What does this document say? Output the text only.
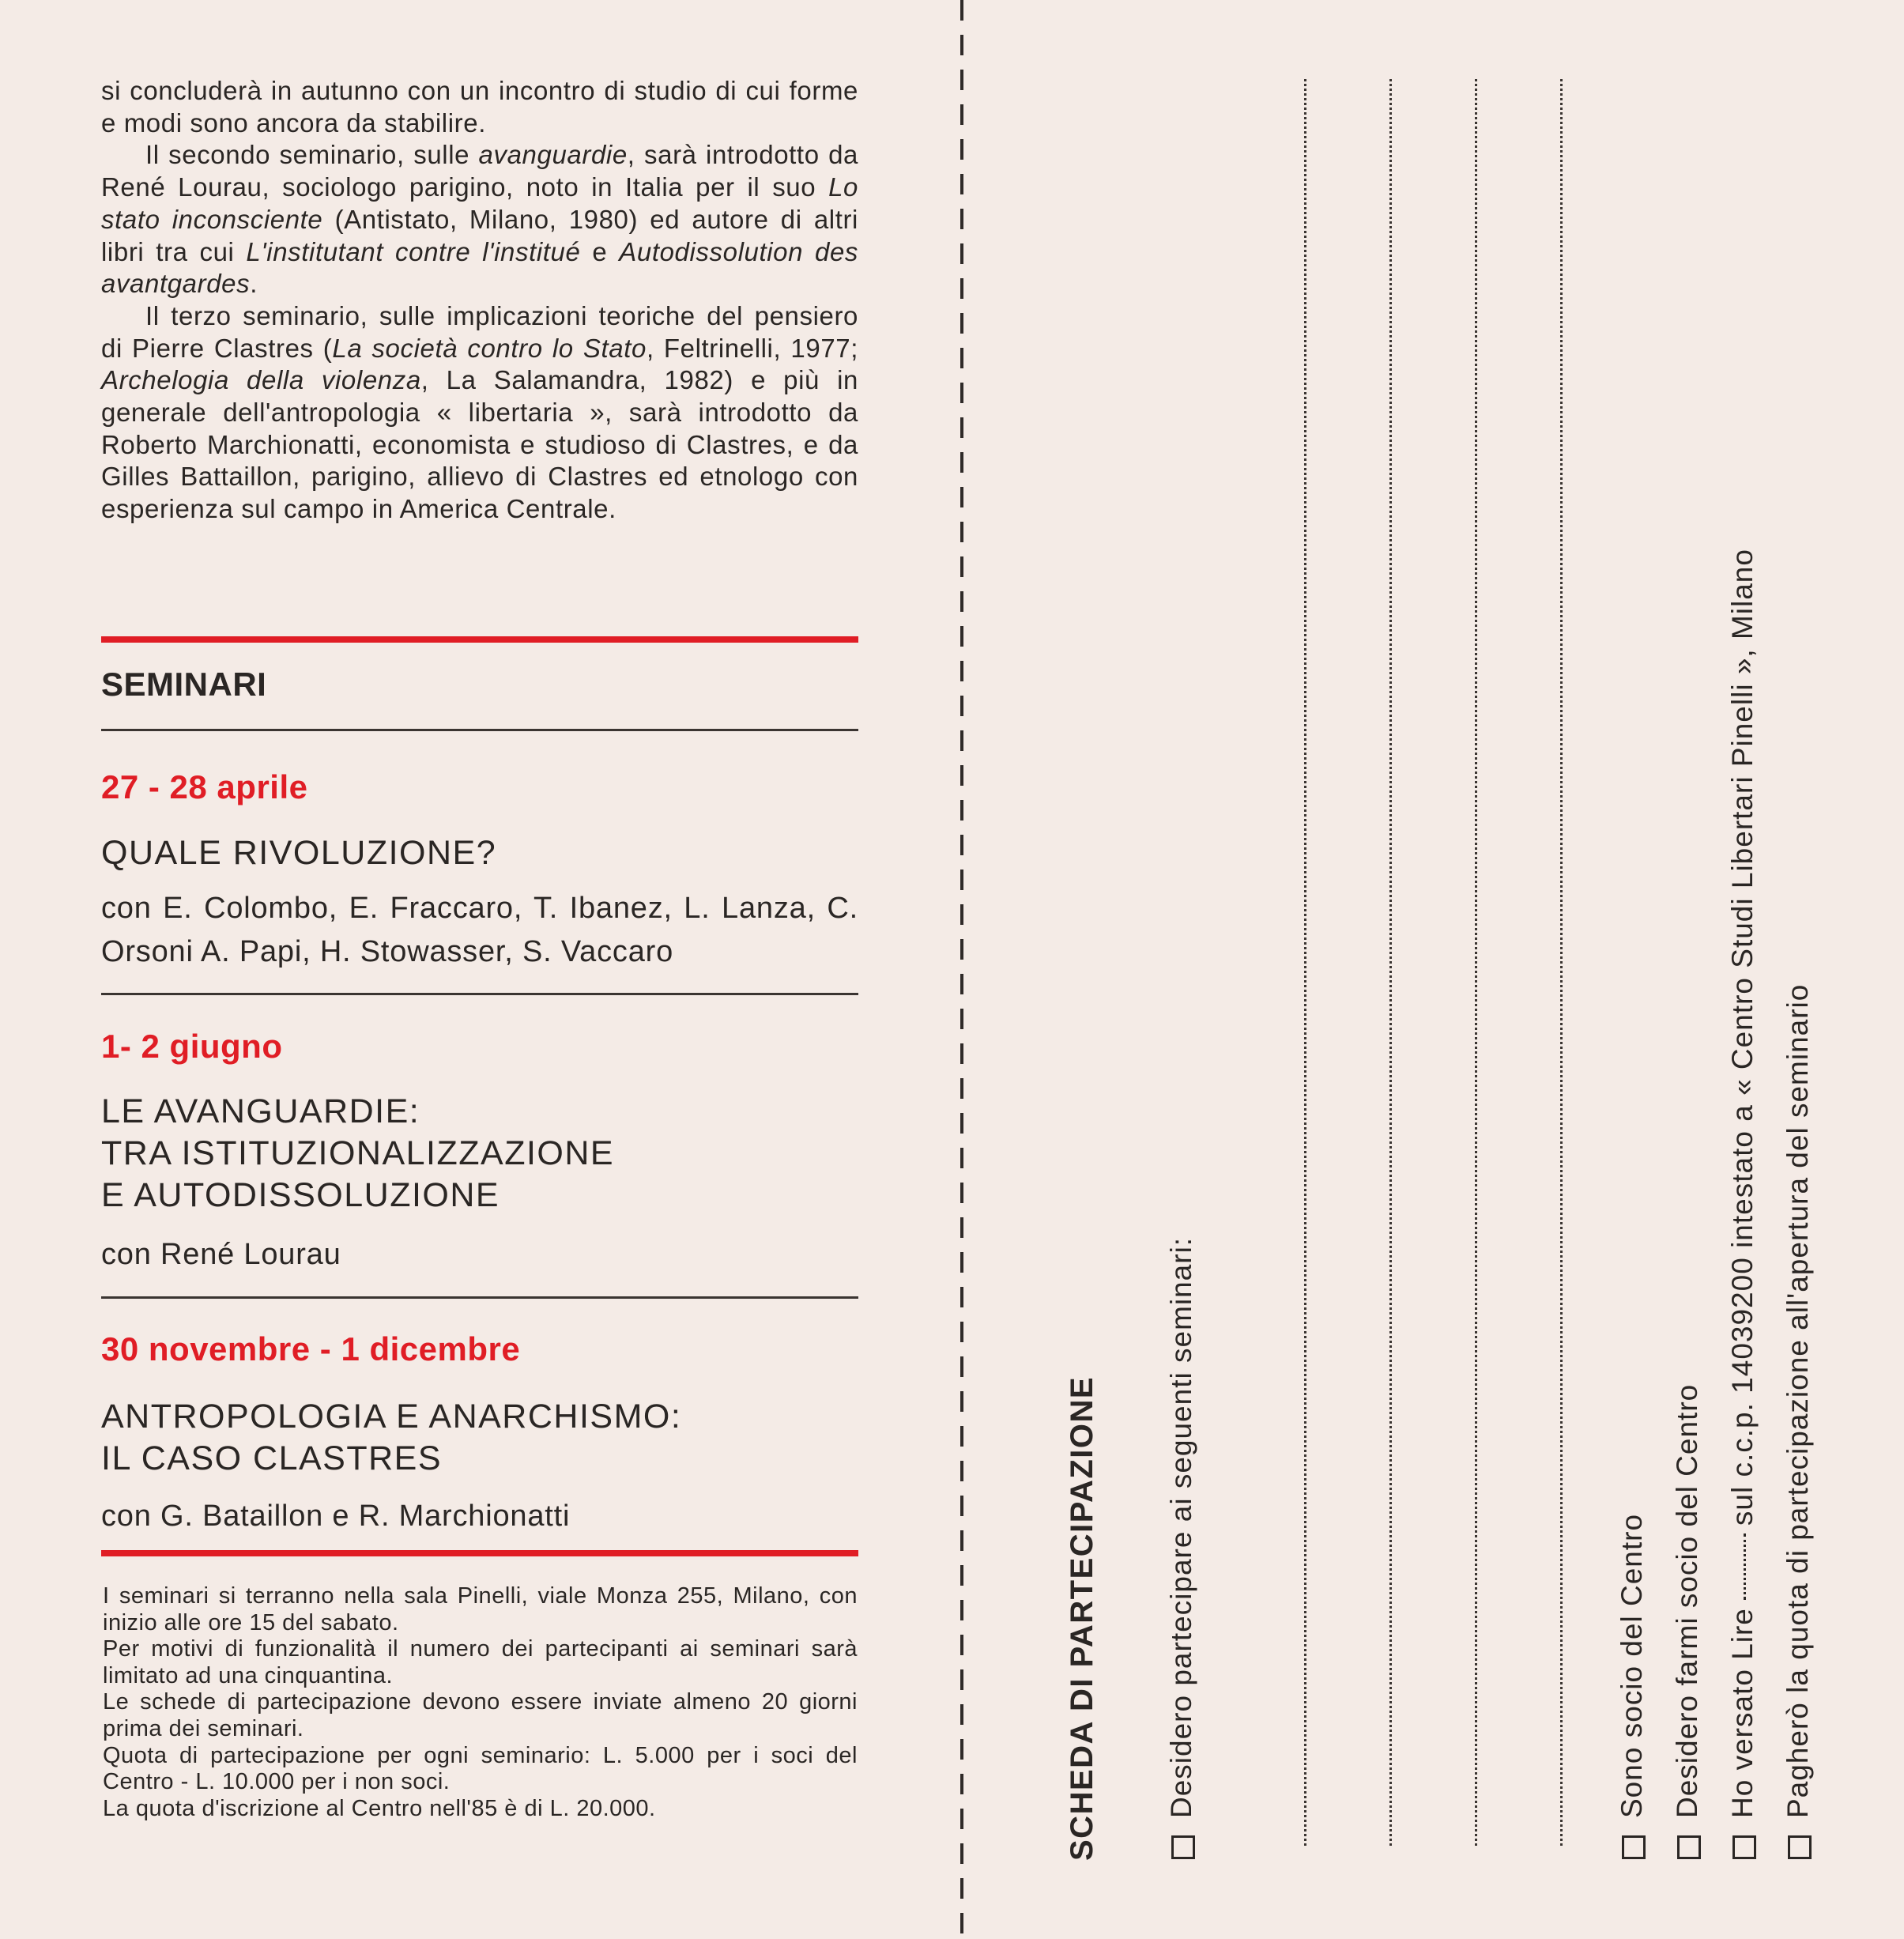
si concluderà in autunno con un incontro di studio di cui forme e modi sono ancora da stabilire.

Il secondo seminario, sulle avanguardie, sarà introdotto da René Lourau, sociologo parigino, noto in Italia per il suo Lo stato inconsciente (Antistato, Milano, 1980) ed autore di altri libri tra cui L'institutant contre l'institué e Autodissolution des avantgardes.

Il terzo seminario, sulle implicazioni teoriche del pensiero di Pierre Clastres (La società contro lo Stato, Feltrinelli, 1977; Archelogia della violenza, La Salamandra, 1982) e più in generale dell'antropologia « libertaria », sarà introdotto da Roberto Marchionatti, economista e studioso di Clastres, e da Gilles Battaillon, parigino, allievo di Clastres ed etnologo con esperienza sul campo in America Centrale.

SEMINARI
27 - 28 aprile
QUALE RIVOLUZIONE?
con E. Colombo, E. Fraccaro, T. Ibanez, L. Lanza, C. Orsoni A. Papi, H. Stowasser, S. Vaccaro
1- 2 giugno
LE AVANGUARDIE:
TRA ISTITUZIONALIZZAZIONE
E AUTODISSOLUZIONE
con René Lourau
30 novembre - 1 dicembre
ANTROPOLOGIA E ANARCHISMO:
IL CASO CLASTRES
con G. Bataillon e R. Marchionatti

I seminari si terranno nella sala Pinelli, viale Monza 255, Milano, con inizio alle ore 15 del sabato.

Per motivi di funzionalità il numero dei partecipanti ai seminari sarà limitato ad una cinquantina.

Le schede di partecipazione devono essere inviate almeno 20 giorni prima dei seminari.

Quota di partecipazione per ogni seminario: L. 5.000 per i soci del Centro - L. 10.000 per i non soci.

La quota d'iscrizione al Centro nell'85 è di L. 20.000.	SCHEDA DI PARTECIPAZIONE Desidero partecipare ai seguenti seminari:	Sono socio del Centro Desidero farmi socio del Centro Ho versato Liresul c.c.p. 14039200 intestato a « Centro Studi Libertari Pinelli », Milano Pagherò la quota di partecipazione all'apertura del seminario
